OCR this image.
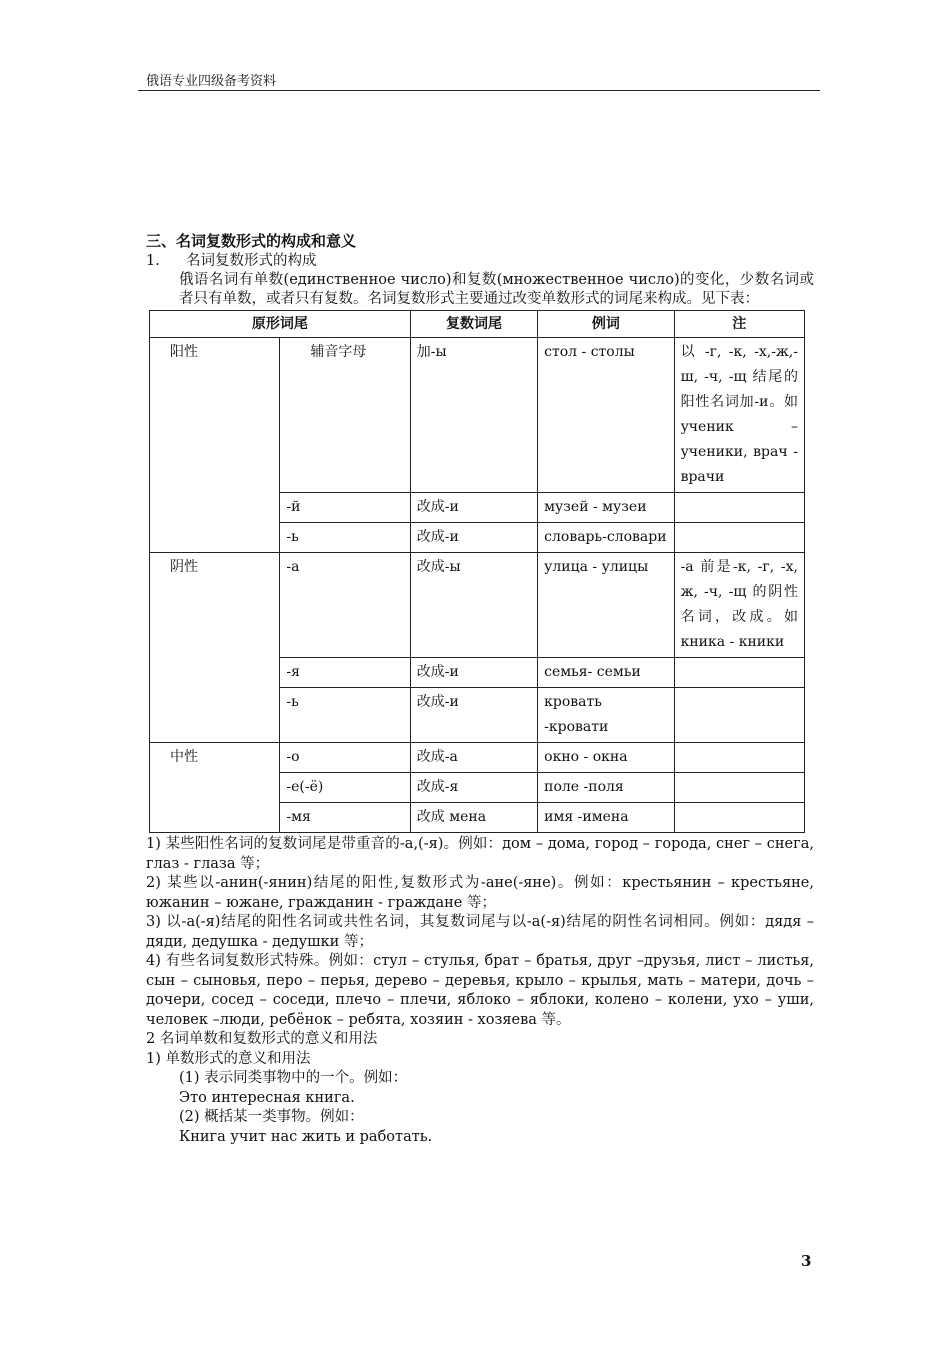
俄语专业四级备考资料
三、名词复数形式的构成和意义
1.	名词复数形式的构成
俄语名词有单数(единственное число)和复数(множественное число)的变化，少数名词或者只有单数，或者只有复数。名词复数形式主要通过改变单数形式的词尾来构成。见下表：
原形词尾		复数词尾	例词	注
阳性	辅音字母	加-ы	стол - столы	以 -г, -к, -х,-ж,-ш, -ч, -щ 结尾的阳性名词加-и。如 ученик – ученики, врач - врачи
	-й	改成-и	музей - музеи	
	-ь	改成-и	словарь-словари	
阴性	-а	改成-ы	улица - улицы	-а 前是-к, -г, -х, ж, -ч, -щ 的阴性名词，改成。如 кника - кники
	-я	改成-и	семья- семьи	
	-ь	改成-и	кровать -кровати	
中性	-о	改成-а	окно - окна	
	-е(-ё)	改成-я	поле -поля	
	-мя	改成 мена	имя -имена	

1) 某些阳性名词的复数词尾是带重音的-а,(-я)。例如：дом – дома, город – города, снег – снега, глаз - глаза 等；

2) 某些以-анин(-янин)结尾的阳性,复数形式为-ане(-яне)。例如：крестьянин – крестьяне, южанин – южане, гражданин - граждане 等；

3) 以-а(-я)结尾的阳性名词或共性名词，其复数词尾与以-а(-я)结尾的阴性名词相同。例如：дядя – дяди, дедушка - дедушки 等；

4) 有些名词复数形式特殊。例如：стул – стулья, брат – братья, друг –друзья, лист – листья, сын – сыновья, перо – перья, дерево – деревья, крыло – крылья, мать – матери, дочь – дочери, сосед – соседи, плечо – плечи, яблоко – яблоки, колено – колени, ухо – уши, человек –люди, ребёнок – ребята, хозяин - хозяева 等。

2 名词单数和复数形式的意义和用法

1) 单数形式的意义和用法

(1) 表示同类事物中的一个。例如：

Это интересная книга.

(2) 概括某一类事物。例如：

Книга учит нас жить и работать.

3
